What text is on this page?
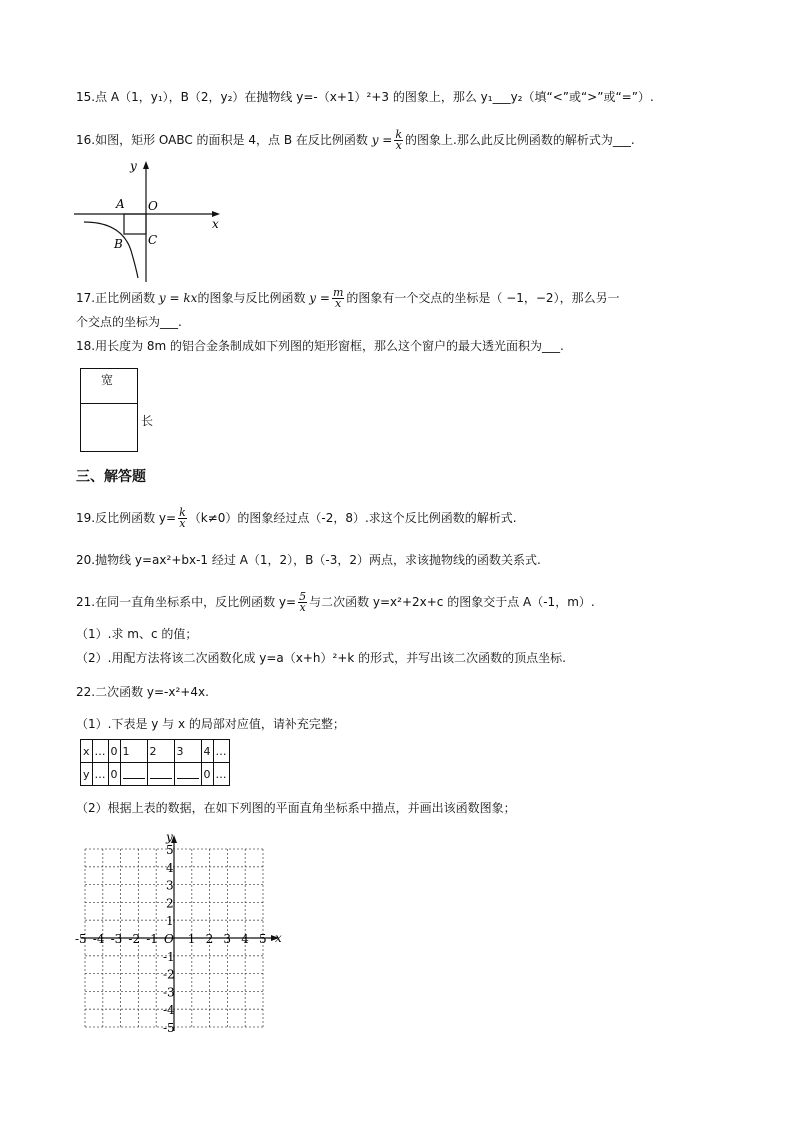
15.点 A（1，y₁），B（2，y₂）在抛物线 y=-（x+1）²+3 的图象上，那么 y₁___y₂（填“<”或“>”或“=”）.
16.如图，矩形 OABC 的面积是 4，点 B 在反比例函数 $y = \frac{k}{x}$ 的图象上.那么此反比例函数的解析式为___.
y
x
A O
B C
17.正比例函数 y = kx的图象与反比例函数 $y = \frac{m}{x}$ 的图象有一个交点的坐标是（ −1，−2），那么另一
个交点的坐标为___.
18.用长度为 8m 的铝合金条制成如下列图的矩形窗框，那么这个窗户的最大透光面积为___.
宽
长
三、解答题
19.反比例函数 $y= \frac{k}{x} (k\ne 0)$的图象经过点（-2，8）.求这个反比例函数的解析式.
20.抛物线 y=ax²+bx-1 经过 A（1，2），B（-3，2）两点，求该抛物线的函数关系式.
21.在同一直角坐标系中，反比例函数 $y= \frac{5}{x}$ 与二次函数 y=x²+2x+c 的图象交于点 A（-1，m）.
（1）.求 m、c 的值；
（2）.用配方法将该二次函数化成 y=a（x+h）²+k 的形式，并写出该二次函数的顶点坐标.
22.二次函数 y=-x²+4x.
（1）.下表是 y 与 x 的局部对应值，请补充完整；
x	…	0	1	2	3	4	…
y	…	0				0	…
（2）根据上表的数据，在如下列图的平面直角坐标系中描点，并画出该函数图象；
x
y
O
-5 -4 -3 -2 -1 1 2 3 4 5
5
4
3
2
1
-1
-2
-3
-4
-5
